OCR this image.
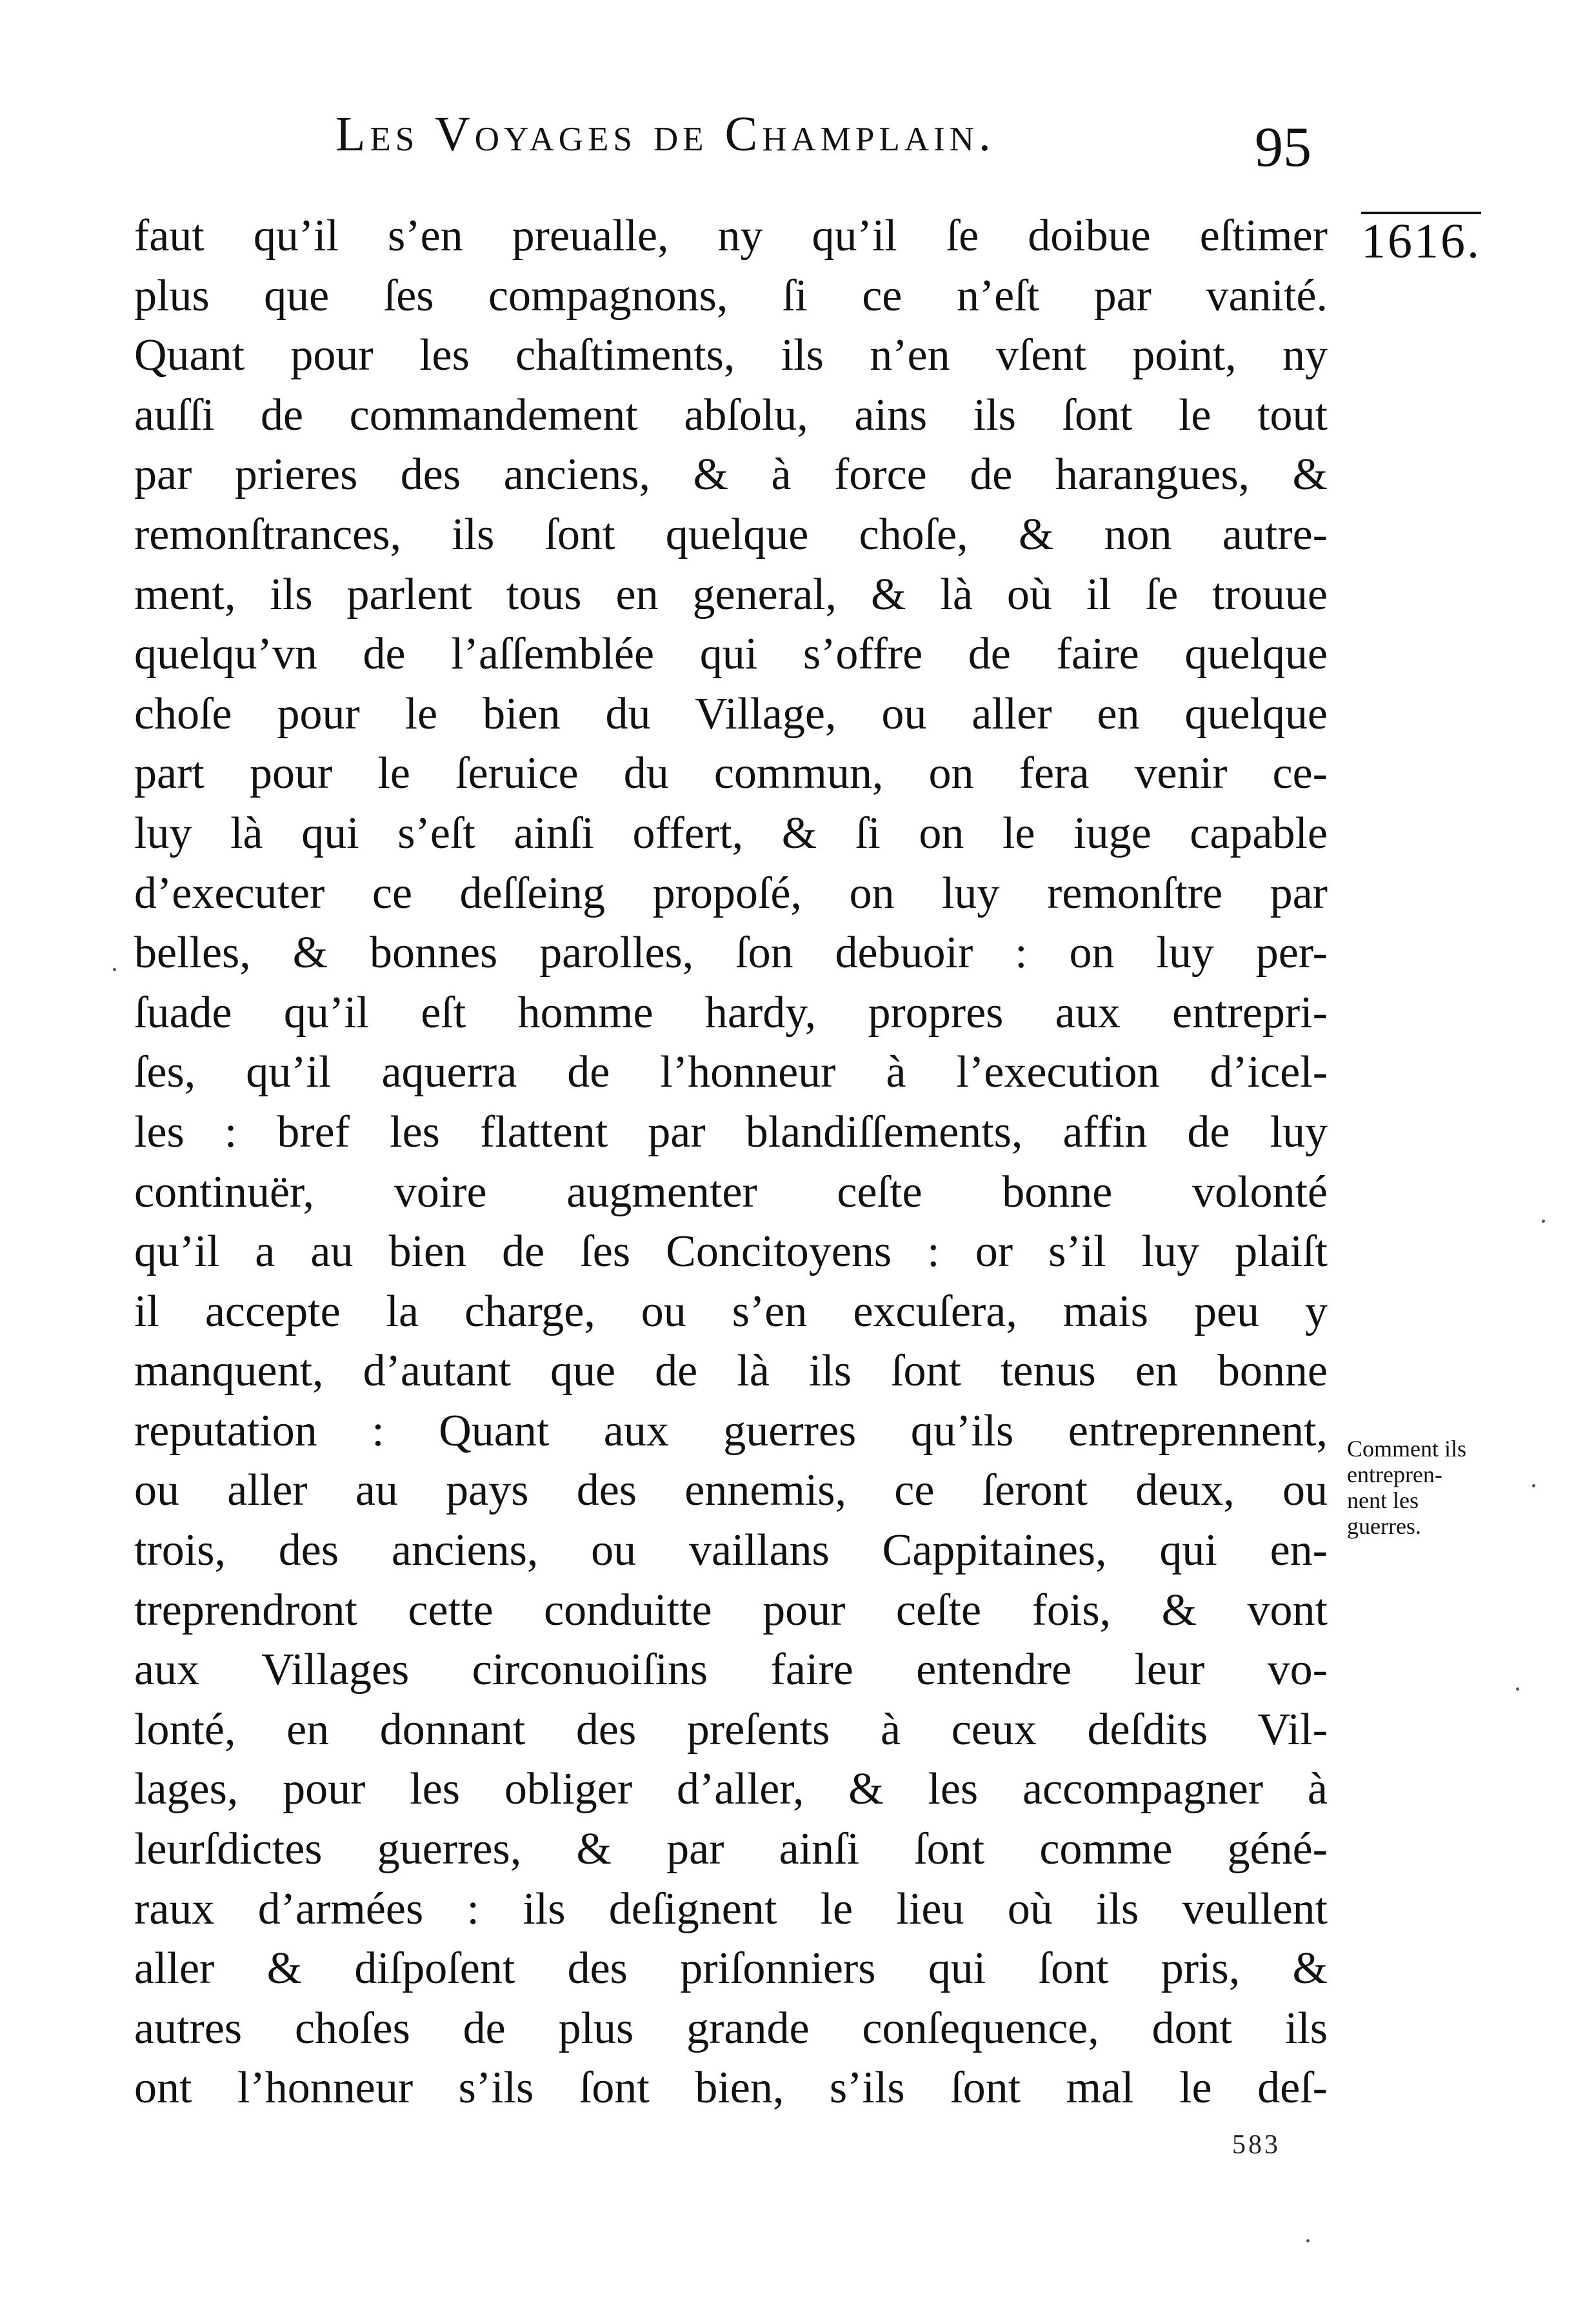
Les Voyages de Champlain.	95
1616.
faut qu’il s’en preualle, ny qu’il ſe doibue eſtimer
plus que ſes compagnons, ſi ce n’eſt par vanité.
Quant pour les chaſtiments, ils n’en vſent point, ny
auſſi de commandement abſolu, ains ils ſont le tout
par prieres des anciens, & à force de harangues, &
remonſtrances, ils ſont quelque choſe, & non autre-
ment, ils parlent tous en general, & là où il ſe trouue
quelqu’vn de l’aſſemblée qui s’offre de faire quelque
choſe pour le bien du Village, ou aller en quelque
part pour le ſeruice du commun, on fera venir ce-
luy là qui s’eſt ainſi offert, & ſi on le iuge capable
d’executer ce deſſeing propoſé, on luy remonſtre par
belles, & bonnes parolles, ſon debuoir : on luy per-
ſuade qu’il eſt homme hardy, propres aux entrepri-
ſes, qu’il aquerra de l’honneur à l’execution d’icel-
les : bref les flattent par blandiſſements, affin de luy
continuër, voire augmenter ceſte bonne volonté
qu’il a au bien de ſes Concitoyens : or s’il luy plaiſt
il accepte la charge, ou s’en excuſera, mais peu y
manquent, d’autant que de là ils ſont tenus en bonne
reputation : Quant aux guerres qu’ils entreprennent,
ou aller au pays des ennemis, ce ſeront deux, ou
trois, des anciens, ou vaillans Cappitaines, qui en-
treprendront cette conduitte pour ceſte fois, & vont
aux Villages circonuoiſins faire entendre leur vo-
lonté, en donnant des preſents à ceux deſdits Vil-
lages, pour les obliger d’aller, & les accompagner à
leurſdictes guerres, & par ainſi ſont comme géné-
raux d’armées : ils deſignent le lieu où ils veullent
aller & diſpoſent des priſonniers qui ſont pris, &
autres choſes de plus grande conſequence, dont ils
ont l’honneur s’ils ſont bien, s’ils ſont mal le deſ-
Comment ils
entrepren-
nent les
guerres.
583
